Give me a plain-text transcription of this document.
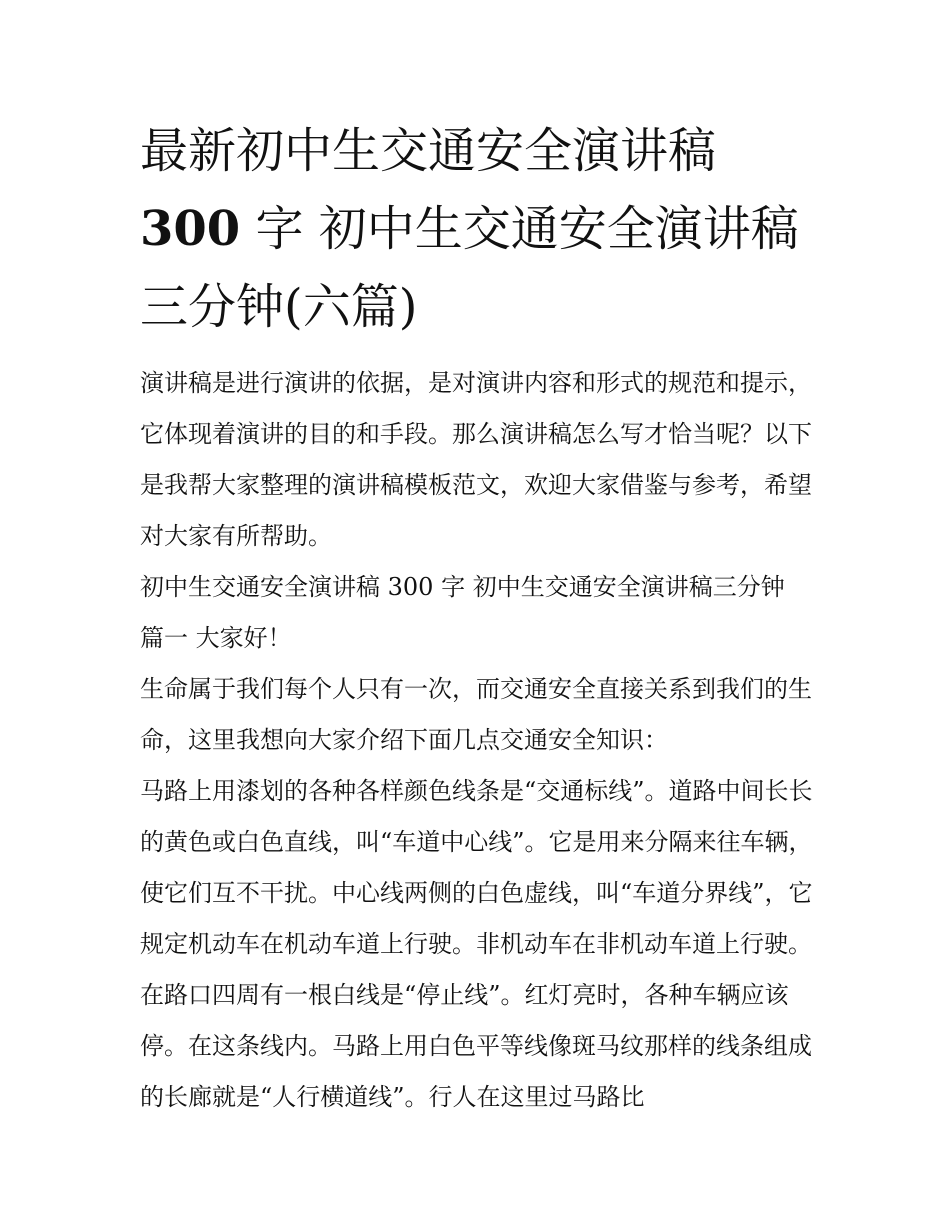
最新初中生交通安全演讲稿
300 字 初中生交通安全演讲稿
三分钟(六篇)

演讲稿是进行演讲的依据，是对演讲内容和形式的规范和提示，它体现着演讲的目的和手段。那么演讲稿怎么写才恰当呢？以下是我帮大家整理的演讲稿模板范文，欢迎大家借鉴与参考，希望对大家有所帮助。

初中生交通安全演讲稿 300 字 初中生交通安全演讲稿三分钟

篇一 大家好！

生命属于我们每个人只有一次，而交通安全直接关系到我们的生命，这里我想向大家介绍下面几点交通安全知识：

马路上用漆划的各种各样颜色线条是“交通标线”。道路中间长长的黄色或白色直线，叫“车道中心线”。它是用来分隔来往车辆，使它们互不干扰。中心线两侧的白色虚线，叫“车道分界线”，它规定机动车在机动车道上行驶。非机动车在非机动车道上行驶。在路口四周有一根白线是“停止线”。红灯亮时，各种车辆应该停。在这条线内。马路上用白色平等线像斑马纹那样的线条组成的长廊就是“人行横道线”。行人在这里过马路比
